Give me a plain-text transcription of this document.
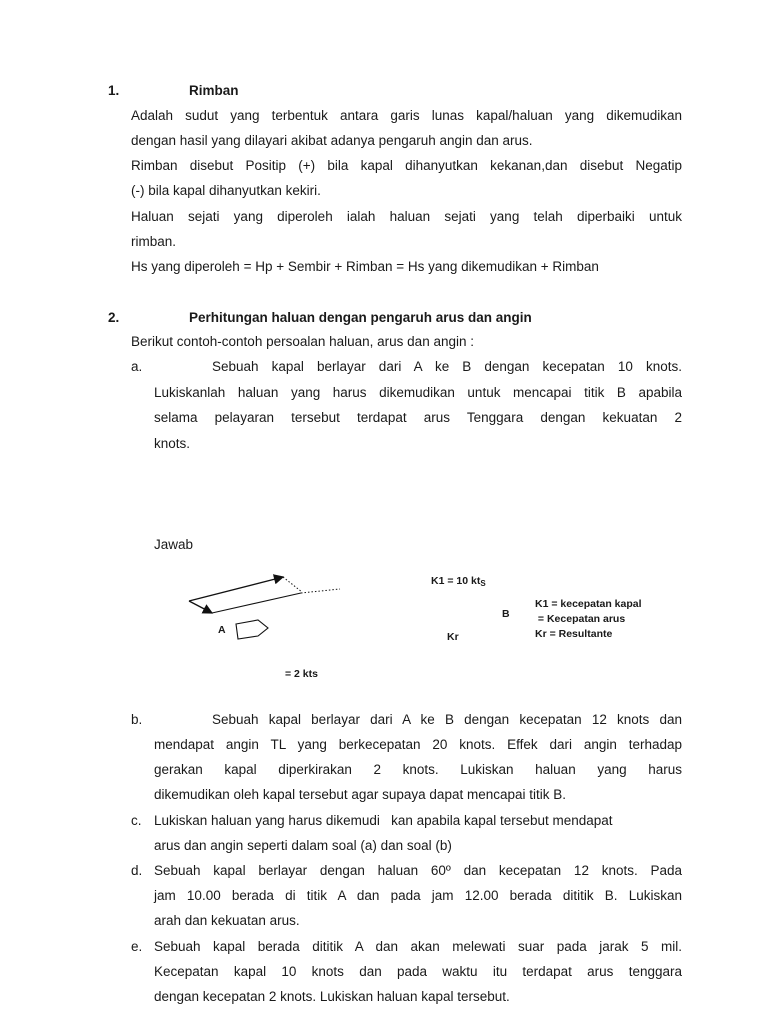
1.	Rimban
Adalah sudut yang terbentuk antara garis lunas kapal/haluan yang dikemudikan
dengan hasil yang dilayari akibat adanya pengaruh angin dan arus.
Rimban disebut Positip (+) bila kapal dihanyutkan kekanan,dan disebut Negatip
(-) bila kapal dihanyutkan kekiri.
Haluan sejati yang diperoleh ialah haluan sejati yang telah diperbaiki untuk
rimban.
Hs yang diperoleh = Hp + Sembir + Rimban = Hs yang dikemudikan + Rimban
2.	Perhitungan haluan dengan pengaruh arus dan angin
Berikut contoh-contoh persoalan haluan, arus dan angin :
a.	Sebuah kapal berlayar dari A ke B dengan kecepatan 10 knots.
Lukiskanlah haluan yang harus dikemudikan untuk mencapai titik B apabila
selama pelayaran tersebut terdapat arus Tenggara dengan kekuatan 2
knots.
Jawab
A
K1 = 10 ktS
B
Kr
K1 = kecepatan kapal
= Kecepatan arus
Kr = Resultante
= 2 kts
b.	Sebuah kapal berlayar dari A ke B dengan kecepatan 12 knots dan
mendapat angin TL yang berkecepatan 20 knots. Effek dari angin terhadap
gerakan kapal diperkirakan 2 knots. Lukiskan haluan yang harus
dikemudikan oleh kapal tersebut agar supaya dapat mencapai titik B.
c. Lukiskan haluan yang harus dikemudi   kan apabila kapal tersebut mendapat
arus dan angin seperti dalam soal (a) dan soal (b)
d. Sebuah kapal berlayar dengan haluan 60º dan kecepatan 12 knots. Pada
jam 10.00 berada di titik A dan pada jam 12.00 berada dititik B. Lukiskan
arah dan kekuatan arus.
e. Sebuah kapal berada dititik A dan akan melewati suar pada jarak 5 mil.
Kecepatan kapal 10 knots dan pada waktu itu terdapat arus tenggara
dengan kecepatan 2 knots. Lukiskan haluan kapal tersebut.
